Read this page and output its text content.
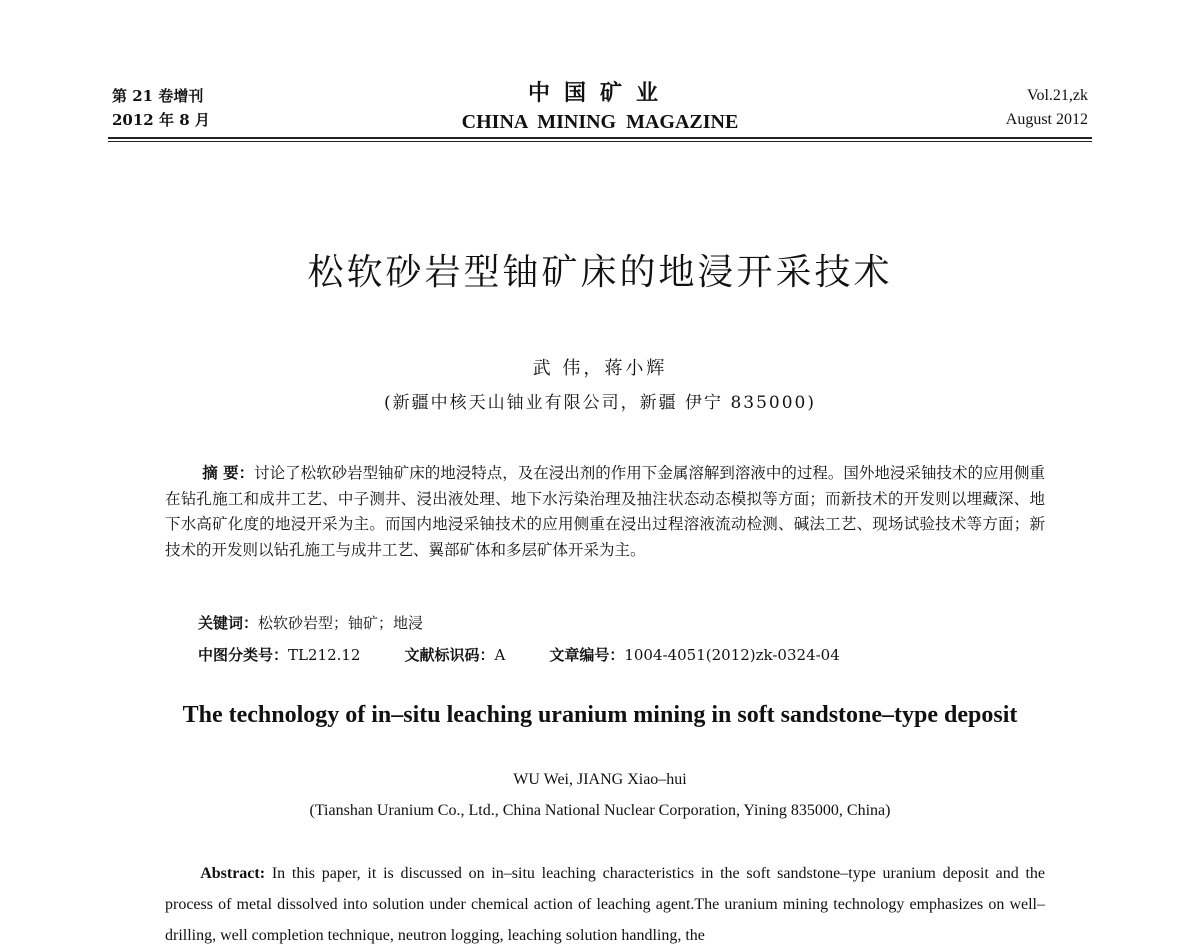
第 21 卷增刊
2012 年 8 月
中国矿业
CHINA MINING MAGAZINE
Vol.21,zk
August 2012
松软砂岩型铀矿床的地浸开采技术
武 伟，蒋小辉
(新疆中核天山铀业有限公司，新疆 伊宁 835000)
摘 要：讨论了松软砂岩型铀矿床的地浸特点，及在浸出剂的作用下金属溶解到溶液中的过程。国外地浸采铀技术的应用侧重在钻孔施工和成井工艺、中子测井、浸出液处理、地下水污染治理及抽注状态动态模拟等方面；而新技术的开发则以埋藏深、地下水高矿化度的地浸开采为主。而国内地浸采铀技术的应用侧重在浸出过程溶液流动检测、碱法工艺、现场试验技术等方面；新技术的开发则以钻孔施工与成井工艺、翼部矿体和多层矿体开采为主。
关键词：松软砂岩型；铀矿；地浸
中图分类号：TL212.12	文献标识码：A	文章编号：1004-4051(2012)zk-0324-04
The technology of in–situ leaching uranium mining in soft sandstone–type deposit
WU Wei, JIANG Xiao–hui
(Tianshan Uranium Co., Ltd., China National Nuclear Corporation, Yining 835000, China)
Abstract: In this paper, it is discussed on in–situ leaching characteristics in the soft sandstone–type uranium deposit and the process of metal dissolved into solution under chemical action of leaching agent.The uranium mining technology emphasizes on well–drilling, well completion technique, neutron logging, leaching solution handling, the
